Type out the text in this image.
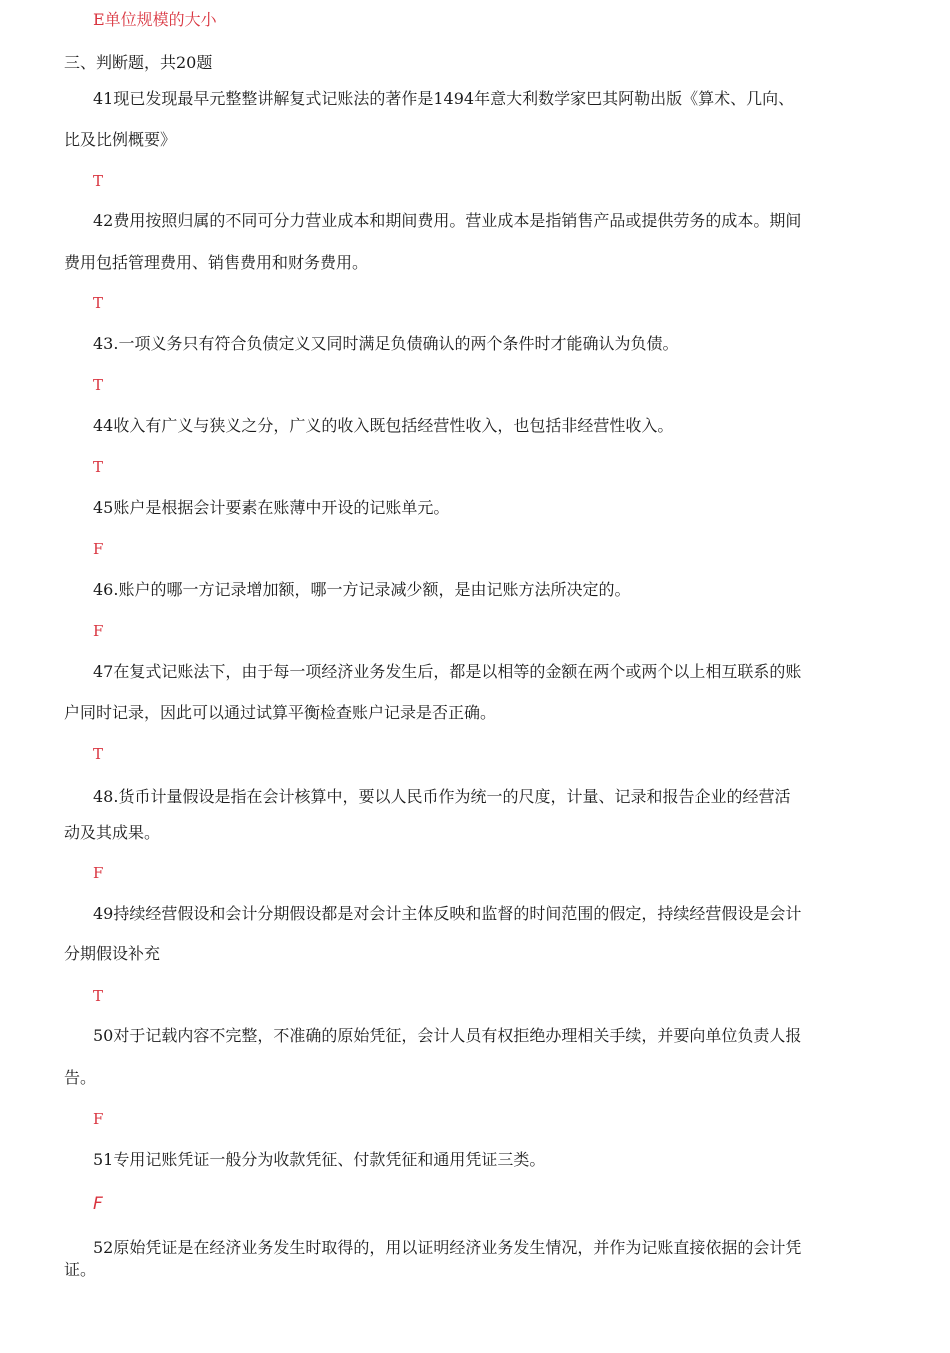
E单位规模的大小
三、判断题，共20题
41现已发现最早元整整讲解复式记账法的著作是1494年意大利数学家巴其阿勒出版《算术、几向、
比及比例概要》
T
42费用按照归属的不同可分力营业成本和期间费用。营业成本是指销售产品或提供劳务的成本。期间
费用包括管理费用、销售费用和财务费用。
T
43.一项义务只有符合负债定义又同时满足负债确认的两个条件时才能确认为负债。
T
44收入有广义与狭义之分，广义的收入既包括经营性收入，也包括非经营性收入。
T
45账户是根据会计要素在账薄中开设的记账单元。
F
46.账户的哪一方记录增加额，哪一方记录减少额，是由记账方法所决定的。
F
47在复式记账法下，由于每一项经济业务发生后，都是以相等的金额在两个或两个以上相互联系的账
户同时记录，因此可以通过试算平衡检查账户记录是否正确。
T
48.货币计量假设是指在会计核算中，要以人民币作为统一的尺度，计量、记录和报告企业的经营活
动及其成果。
F
49持续经营假设和会计分期假设都是对会计主体反映和监督的时间范围的假定，持续经营假设是会计
分期假设补充
T
50对于记载内容不完整，不准确的原始凭征，会计人员有权拒绝办理相关手续，并要向单位负责人报
告。
F
51专用记账凭证一般分为收款凭征、付款凭征和通用凭证三类。
F
52原始凭证是在经济业务发生时取得的，用以证明经济业务发生情况，并作为记账直接依据的会计凭
证。
